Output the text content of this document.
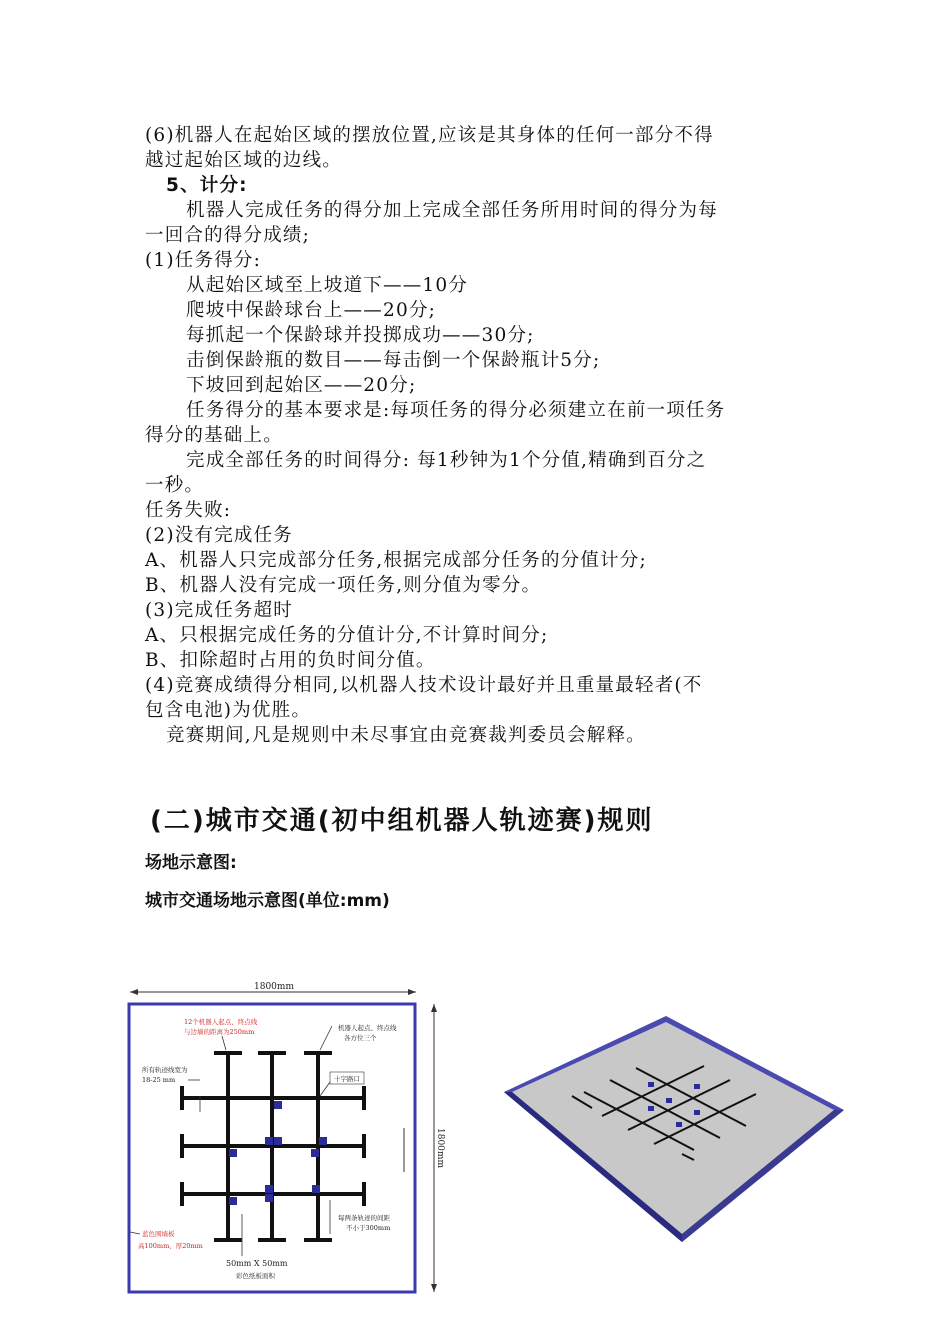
(6)机器人在起始区域的摆放位置,应该是其身体的任何一部分不得
越过起始区域的边线。
5、计分:
机器人完成任务的得分加上完成全部任务所用时间的得分为每
一回合的得分成绩;
(1)任务得分:
从起始区域至上坡道下——10分
爬坡中保龄球台上——20分;
每抓起一个保龄球并投掷成功——30分;
击倒保龄瓶的数目——每击倒一个保龄瓶计5分;
下坡回到起始区——20分;
任务得分的基本要求是:每项任务的得分必须建立在前一项任务
得分的基础上。
完成全部任务的时间得分: 每1秒钟为1个分值,精确到百分之
一秒。
任务失败:
(2)没有完成任务
A、机器人只完成部分任务,根据完成部分任务的分值计分;
B、机器人没有完成一项任务,则分值为零分。
(3)完成任务超时
A、只根据完成任务的分值计分,不计算时间分;
B、扣除超时占用的负时间分值。
(4)竞赛成绩得分相同,以机器人技术设计最好并且重量最轻者(不
包含电池)为优胜。
竞赛期间,凡是规则中未尽事宜由竞赛裁判委员会解释。
(二)城市交通(初中组机器人轨迹赛)规则
场地示意图:
城市交通场地示意图(单位:mm)
1800mm
1800mm
12个机器人起点、终点线
与边墙的距离为250mm	机器人起点、终点线
各方位三个
所有轨迹线宽为
18-25 mm	十字路口
每两条轨迹的间距
不小于300mm
蓝色围墙板
高100mm、厚20mm
50mm X 50mm
彩色纸板面积
